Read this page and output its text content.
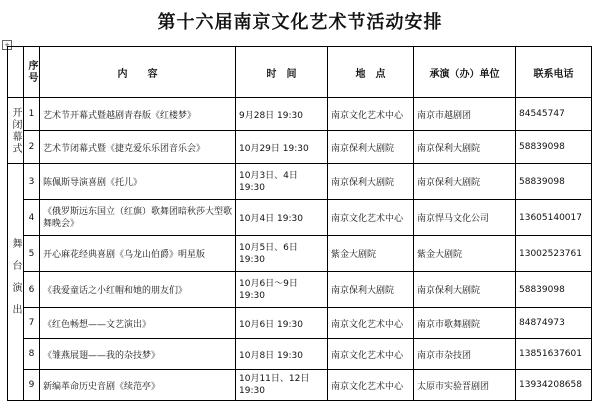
第十六届南京文化艺术节活动安排
+

	序号	内　　容	时　间	地　点	承演（办）单位	联系电话

开闭幕式	1	艺术节开幕式暨越剧青春版《红楼梦》	9月28日 19:30	南京文化艺术中心	南京市越剧团	84545747
	2	艺术节闭幕式暨《捷克爱乐乐团音乐会》	10月29日 19:30	南京保利大剧院	南京保利大剧院	58839098

舞台演出	3	陈佩斯导演喜剧《托儿》	10月3日、4日 19:30	南京保利大剧院	南京保利大剧院	58839098
	4	《俄罗斯远东国立（红旗）歌舞团暗秋莎大型歌舞晚会》	10月4日 19:30	南京文化艺术中心	南京悍马文化公司	13605140017
	5	开心麻花经典喜剧《乌龙山伯爵》明星版	10月5日、6日 19:30	紫金大剧院	紫金大剧院	13002523761
	6	《我爱童话之小红帽和她的朋友们》	10月6日～9日 19:30	南京保利大剧院	南京保利大剧院	58839098
	7	《红色畅想——文艺演出》	10月6日 19:30	南京文化艺术中心	南京市歌舞剧院	84874973
	8	《雏燕展翅——我的杂技梦》	10月8日 19:30	南京文化艺术中心	南京市杂技团	13851637601
	9	新编革命历史音剧《续范亭》	10月11日、12日 19:30	南京文化艺术中心	太原市实验晋剧团	13934208658
